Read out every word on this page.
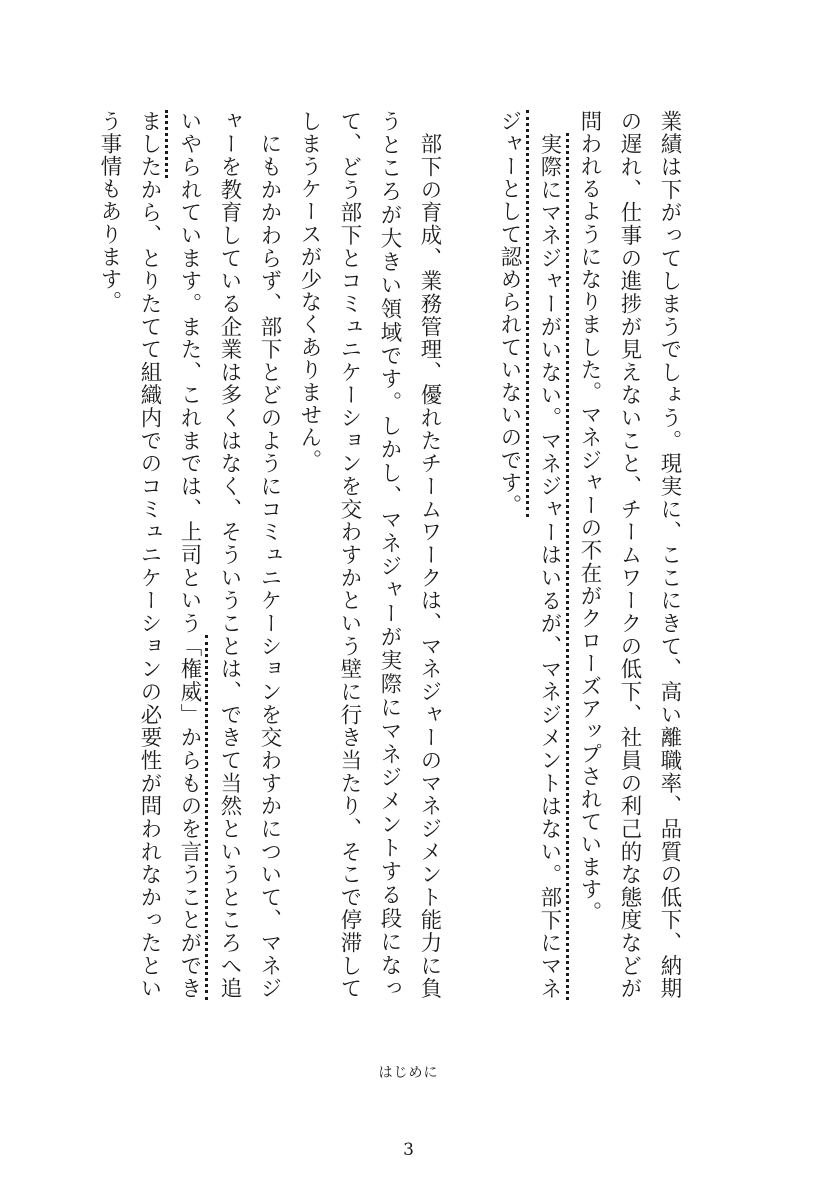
業績は下がってしまうでしょう。現実に、ここにきて、高い離職率、品質の低下、納期の遅れ、仕事の進捗が見えないこと、チームワークの低下、社員の利己的な態度などが問われるようになりました。マネジャーの不在がクローズアップされています。

　実際にマネジャーがいない。マネジャーはいるが、マネジメントはない。部下にマネジャーとして認められていないのです。

　部下の育成、業務管理、優れたチームワークは、マネジャーのマネジメント能力に負うところが大きい領域です。しかし、マネジャーが実際にマネジメントする段になって、どう部下とコミュニケーションを交わすかという壁に行き当たり、そこで停滞してしまうケースが少なくありません。

　にもかかわらず、部下とどのようにコミュニケーションを交わすかについて、マネジャーを教育している企業は多くはなく、そういうことは、できて当然というところへ追いやられています。また、これまでは、上司という「権威」からものを言うことができましたから、とりたてて組織内でのコミュニケーションの必要性が問われなかったという事情もあります。

はじめに
3
